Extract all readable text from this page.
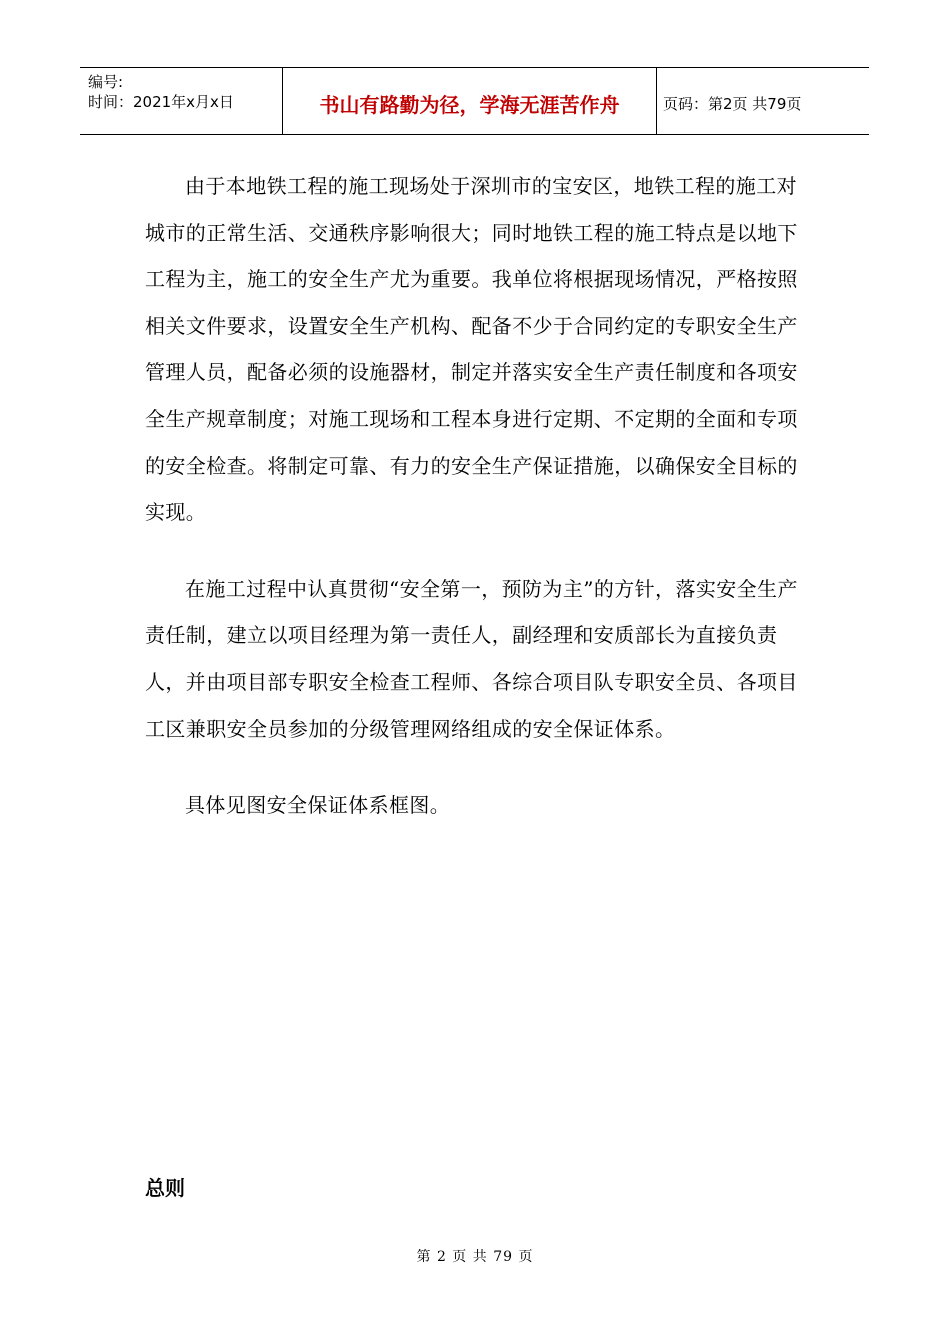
编号:
时间：2021年x月x日	书山有路勤为径，学海无涯苦作舟	页码：第2页 共79页

由于本地铁工程的施工现场处于深圳市的宝安区，地铁工程的施工对城市的正常生活、交通秩序影响很大；同时地铁工程的施工特点是以地下工程为主，施工的安全生产尤为重要。我单位将根据现场情况，严格按照相关文件要求，设置安全生产机构、配备不少于合同约定的专职安全生产管理人员，配备必须的设施器材，制定并落实安全生产责任制度和各项安全生产规章制度；对施工现场和工程本身进行定期、不定期的全面和专项的安全检查。将制定可靠、有力的安全生产保证措施，以确保安全目标的实现。

在施工过程中认真贯彻“安全第一，预防为主”的方针，落实安全生产责任制，建立以项目经理为第一责任人，副经理和安质部长为直接负责人，并由项目部专职安全检查工程师、各综合项目队专职安全员、各项目工区兼职安全员参加的分级管理网络组成的安全保证体系。

具体见图安全保证体系框图。

总则
第 2 页 共 79 页
